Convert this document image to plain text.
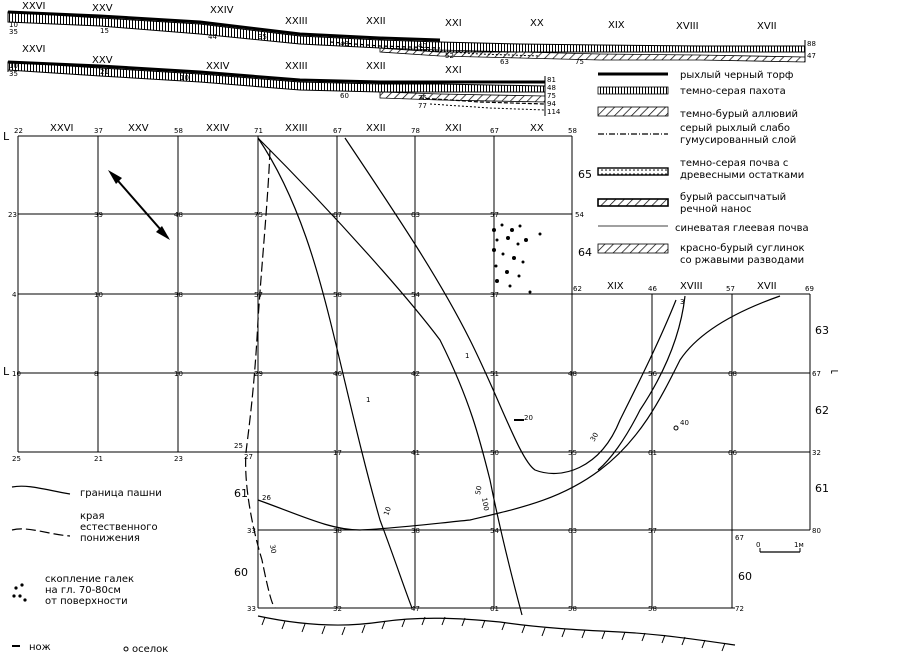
XXVI	XXV	XXIV
XXIII	XXII	XXI	XX	XIX	XVIII	XVII
10
35	15
44	35
43	40
52
63	75
88
47
XXVI
XXV
XXIV	XXIII	XXII	XXI
10
35	21
10
60	75
77
81
48
75
94
114
рыхлый черный торф
темно-серая пахота
темно-бурый аллювий
серый рыхлый слабо гумусированный слой
темно-серая почва с древесными остатками
бурый рассыпчатый речной нанос
синеватая глеевая почва
красно-бурый суглинок со ржавыми разводами
L
L	⌐
XXVI	XXV	XXIV	XXIII	XXII	XXI	XX
XIX	XVIII	XVII
65
64
63
62
61
60
61
60
22	37	58	71	67	78	67	58
23	39	48	75	67	63	57	54
4	10	38	57	58	54	37
62	46	57	69
10	8	10	29	46	42	51	48	56	68	67
25	21	23	27	17	41	50	55	61	66	32
33	38	38	54	63	57
67
80
33	32	47	61	58	58	72
26
25
40
30
50
100
10
30
1
1
20
3
0	1м
граница пашни
края естественного понижения
скопление галек на гл. 70-80см от поверхности
нож	оселок
